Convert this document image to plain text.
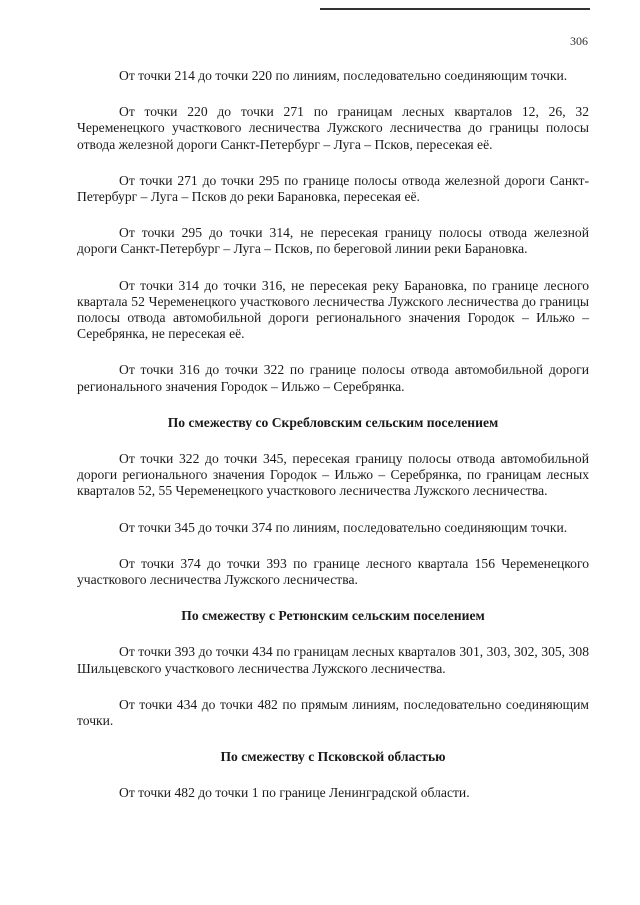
306

От точки 214 до точки 220 по линиям, последовательно соединяющим точки.

От точки 220 до точки 271 по границам лесных кварталов 12, 26, 32 Череменецкого участкового лесничества Лужского лесничества до границы полосы отвода железной дороги Санкт-Петербург – Луга – Псков, пересекая её.

От точки 271 до точки 295 по границе полосы отвода железной дороги Санкт-Петербург – Луга – Псков до реки Барановка, пересекая её.

От точки 295 до точки 314, не пересекая границу полосы отвода железной дороги Санкт-Петербург – Луга – Псков, по береговой линии реки Барановка.

От точки 314 до точки 316, не пересекая реку Барановка, по границе лесного квартала 52 Череменецкого участкового лесничества Лужского лесничества до границы полосы отвода автомобильной дороги регионального значения Городок – Ильжо – Серебрянка, не пересекая её.

От точки 316 до точки 322 по границе полосы отвода автомобильной дороги регионального значения Городок – Ильжо – Серебрянка.

По смежеству со Скребловским сельским поселением

От точки 322 до точки 345, пересекая границу полосы отвода автомобильной дороги регионального значения Городок – Ильжо – Серебрянка, по границам лесных кварталов 52, 55 Череменецкого участкового лесничества Лужского лесничества.

От точки 345 до точки 374 по линиям, последовательно соединяющим точки.

От точки 374 до точки 393 по границе лесного квартала 156 Череменецкого участкового лесничества Лужского лесничества.

По смежеству с Ретюнским сельским поселением

От точки 393 до точки 434 по границам лесных кварталов 301, 303, 302, 305, 308 Шильцевского участкового лесничества Лужского лесничества.

От точки 434 до точки 482 по прямым линиям, последовательно соединяющим точки.

По смежеству с Псковской областью

От точки 482 до точки 1 по границе Ленинградской области.
